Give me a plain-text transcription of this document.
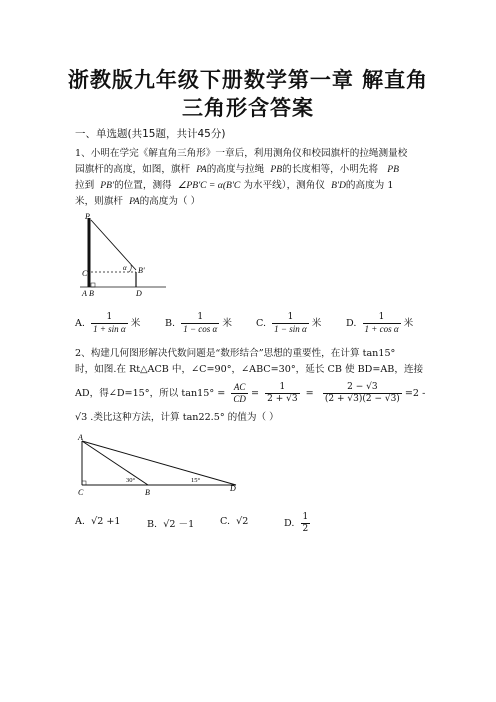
浙教版九年级下册数学第一章 解直角
三角形含答案
一、单选题(共15题，共计45分)
1、小明在学完《解直角三角形》一章后，利用测角仪和校园旗杆的拉绳测量校
园旗杆的高度，如图，旗杆 PA的高度与拉绳 PB的长度相等，小明先将 PB
拉到 PB'的位置，测得 ∠PB'C = α(B'C 为水平线），测角仪 B'D的高度为 1
米，则旗杆 PA的高度为（ ）
P
C
A B
B'
D
α
A. $\frac{1}{\text{1 + sin α}}$ 米	B. $\frac{1}{\text{1 − cos α}}$ 米	C. $\frac{1}{\text{1 − sin α}}$ 米	D. $\frac{1}{\text{1 + cos α}}$ 米
2、构建几何图形解决代数问题是“数形结合”思想的重要性，在计算 tan15°
时，如图.在 Rt△ACB 中，∠C=90°，∠ABC=30°，延长 CB 使 BD=AB，连接
AD，得∠D=15°，所以 $\tan 15^\circ = \frac{AC}{CD} = \frac{1}{2 + √3} = \frac{2 - √3}{(2 + √3)(2 - √3)} =2$ -
√3 .类比这种方法，计算 tan22.5° 的值为（ ）
A
C	B	D
30°	15°
A. √2 +1	B. √2 －1	C. √2	D. $\frac{1}{2}$
